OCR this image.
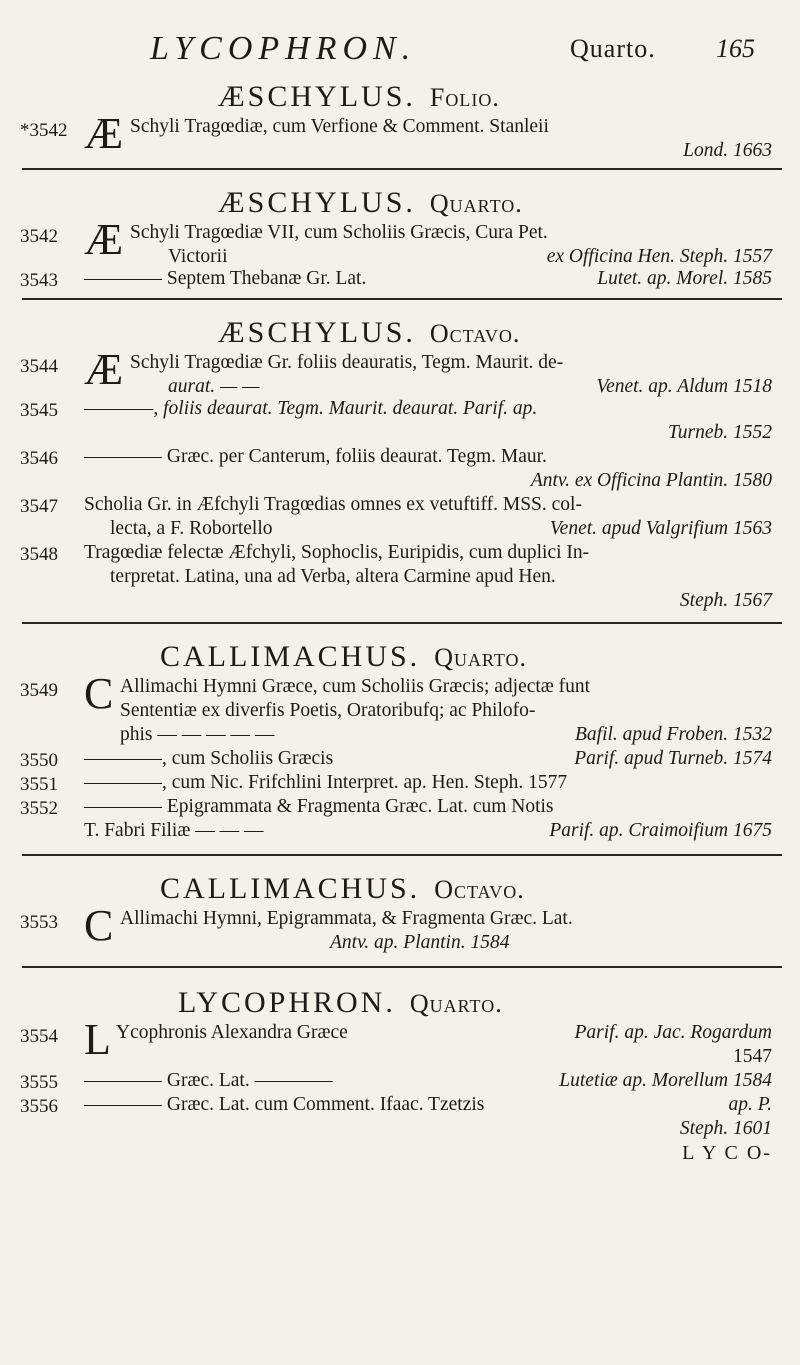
LYCOPHRON.	Quarto. 165
ÆSCHYLUS. Folio.
*3542 Æ Schyli Tragœdiæ, cum Verfione & Comment. Stanleii
Lond. 1663
ÆSCHYLUS. Quarto.
3542 Æ Schyli Tragœdiæ VII, cum Scholiis Græcis, Cura Pet.
Victorii	ex Officina Hen. Steph. 1557
3543	———— Septem Thebanæ Gr. Lat.	Lutet. ap. Morel. 1585
ÆSCHYLUS. Octavo.
3544 Æ Schyli Tragœdiæ Gr. foliis deauratis, Tegm. Maurit. de-
aurat. — —	Venet. ap. Aldum 1518
3545	————, foliis deaurat. Tegm. Maurit. deaurat. Parif. ap.
Turneb. 1552
3546	———— Græc. per Canterum, foliis deaurat. Tegm. Maur.
Antv. ex Officina Plantin. 1580
3547	Scholia Gr. in Æfchyli Tragœdias omnes ex vetuftiff. MSS. col-
lecta, a F. Robortello	Venet. apud Valgrifium 1563
3548	Tragœdiæ felectæ Æfchyli, Sophoclis, Euripidis, cum duplici In-
terpretat. Latina, una ad Verba, altera Carmine apud Hen.
Steph. 1567
CALLIMACHUS. Quarto.
3549 C Allimachi Hymni Græce, cum Scholiis Græcis; adjectæ funt
Sententiæ ex diverfis Poetis, Oratoribufq; ac Philofo-
phis — — — — —	Bafil. apud Froben. 1532
3550	————, cum Scholiis Græcis	Parif. apud Turneb. 1574
3551	————, cum Nic. Frifchlini Interpret. ap. Hen. Steph. 1577
3552	———— Epigrammata & Fragmenta Græc. Lat. cum Notis
T. Fabri Filiæ — — —	Parif. ap. Craimoifium 1675
CALLIMACHUS. Octavo.
3553 C Allimachi Hymni, Epigrammata, & Fragmenta Græc. Lat.
Antv. ap. Plantin. 1584
LYCOPHRON. Quarto.
3554 L Ycophronis Alexandra Græce	Parif. ap. Jac. Rogardum
1547
3555	———— Græc. Lat. ————	Lutetiæ ap. Morellum 1584
3556	———— Græc. Lat. cum Comment. Ifaac. Tzetzis	ap. P.
Steph. 1601
L Y C O-
